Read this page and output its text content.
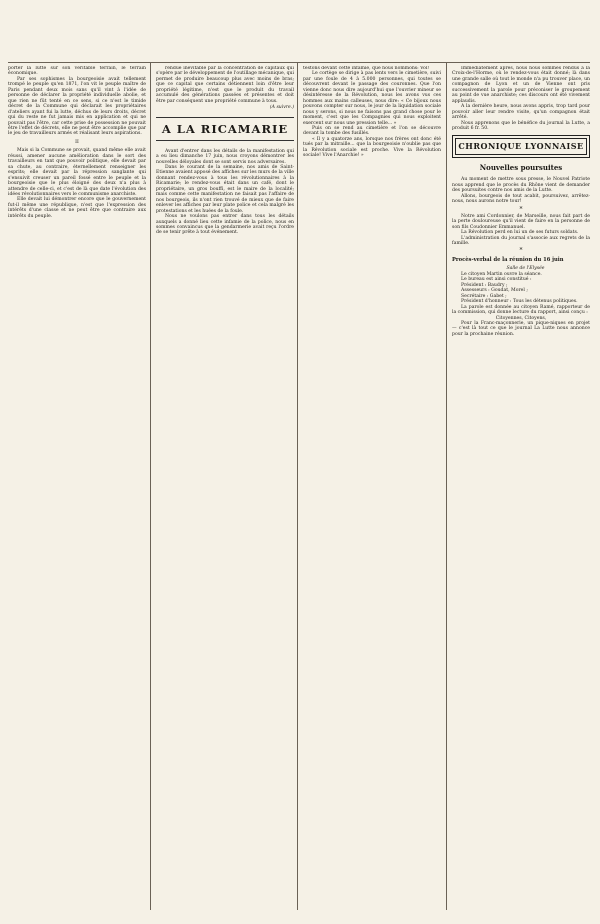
porter la lutte sur son véritable terrain, le terrain économique.

Par ses sophismes la bourgeoisie avait tellement trompé le peuple qu'en 1871, l'on vit le peuple maître de Paris pendant deux mois sans qu'il vint à l'idée de personne de déclarer la propriété individuelle abolie, et que rien ne fût tenté en ce sens, si ce n'est le timide décret de la Commune qui déclarait les propriétaires d'ateliers ayant fui la lutte, déchus de leurs droits, décret qui du reste ne fut jamais mis en application et qui ne pouvait pas l'être, car cette prise de possession ne pouvait être l'effet de décrets, elle ne peut être accomplie que par le jeu de travailleurs armés et réalisant leurs aspirations.

II

Mais si la Commune se provait, quand même elle avait réussi, amener aucune amélioration dans le sort des travailleurs en tant que pouvoir politique, elle devait par sa chute, au contraire, éternellement renseigner les esprits; elle devait par la répression sanglante qui s'ensuivit creuser un pareil fossé entre le peuple et la bourgeoisie que le plus éloigné des deux n'a plus à attendre de celle-ci, et c'est de là que date l'évolution des idées révolutionnaires vers le communisme anarchiste.

Elle devait lui démontrer encore que le gouvernement fut-il même une république, n'est que l'expression des intérêts d'une classe et ne peut être que contraire aux intérêts du peuple.

rendue inévitable par la concentration de capitaux qui s'opère par le développement de l'outillage mécanique, qui permet de produire beaucoup plus avec moins de bras; que ce capital que certains détiennent loin d'être leur propriété légitime, n'est que le produit du travail accumulé des générations passées et présentes et doit être par conséquent une propriété commune à tous.

(A suivre.)

A LA RICAMARIE

Avant d'entrer dans les détails de la manifestation qui a eu lieu dimanche 17 juin, nous croyons démontrer les nouvelles déloyales dont se sont servis nos adversaires.

Dans le courant de la semaine, nos amis de Saint-Etienne avaient apposé des affiches sur les murs de la ville donnant rendez-vous à tous les révolutionnaires à la Ricamarie; le rendez-vous était dans un café, dont le propriétaire, un gros bouffi, est le maire de la localité; mais comme cette manifestation ne faisait pas l'affaire de nos bourgeois, ils n'ont rien trouvé de mieux que de faire enlever les affiches par leur plate police et cela malgré les protestations et les huées de la foule.

Nous ne voulons pas entrer dans tous les détails auxquels a donné lieu cette infamie de la police, nous en sommes convaincus que la gendarmerie avait reçu l'ordre de se tenir prête à tout événement.

testons devant cette infamie, que nous nommons: Vol!

Le cortège se dirige à pas lents vers le cimetière, suivi par une foule de 4 à 5.000 personnes, qui toutes se découvrent devant le passage des couronnes. Que l'on vienne donc nous dire aujourd'hui que l'ouvrier mineur se désintéresse de la Révolution, nous les avons vus ces hommes aux mains calleuses, nous dire: « Ce bijoux nous pouvons compter sur nous, le jour de la liquidation sociale nous y serons, si nous ne faisons pas grand chose pour le moment, c'est que les Compagnies qui nous exploitent exercent sur nous une pression telle... »

Puis on se rend au cimetière et l'on se découvre devant la tombe des fusillés.

« Il y a quatorze ans, lorsque nos frères ont donc été tués par la mitraille... que la bourgeoisie n'oublie pas que la Révolution sociale est proche. Vive la Révolution sociale! Vive l'Anarchie! »

Immédiatement après, nous nous sommes rendus à la Croix-de-l'Horme, où le rendez-vous était donné; là dans une grande salle où tout le monde n'a pu trouver place, un compagnon de Lyon et un de Vienne ont pris successivement la parole pour préconiser le groupement au point de vue anarchiste; ces discours ont été vivement applaudis.

A la dernière heure, nous avons appris, trop tard pour pouvoir aller leur rendre visite, qu'un compagnon était arrêté.

Nous apprenons que le bénéfice du journal la Lutte, a produit 6 fr. 50.

CHRONIQUE LYONNAISE
Nouvelles poursuites

Au moment de mettre sous presse, le Nouvel Patriote nous apprend que le procès du Rhône vient de demander des poursuites contre nos amis de la Lutte.

Allons, bourgeois de tout acabit, poursuivez, arrêtez-nous, nous aurons notre tour!

*

Notre ami Cordonnier, de Marseille, nous fait part de la perte douloureuse qu'il vient de faire en la personne de son fils Coudonnier Emmanuel.

La Révolution perd en lui un de ses futurs soldats.

L'administration du journal s'associe aux regrets de la famille.

*
Procès-verbal de la réunion du 16 juin

Salle de l'Elysée

Le citoyen Martin ouvre la séance.

Le bureau est ainsi constitué :

Président : Baudry ;

Assesseurs : Goudat, Morel ;

Secrétaire : Gabet ;

Président d'honneur : Tous les détenus politiques.

La parole est donnée au citoyen Ramé, rapporteur de la commission, qui donne lecture du rapport, ainsi conçu :

Citoyennes, Citoyens,

Pour la Franc-maçonnerie, un pique-niques en projet — c'est là tout ce que le journal La Lutte nous annonce pour la prochaine réunion.
